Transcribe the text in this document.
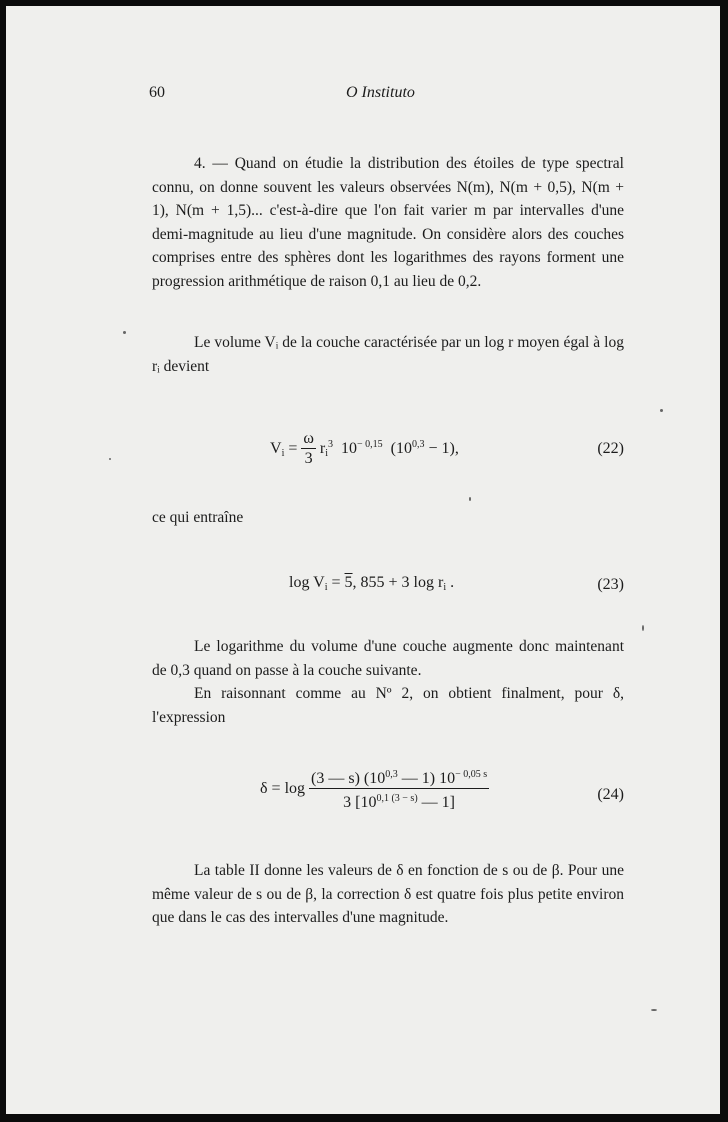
60	O Instituto

4. — Quand on étudie la distribution des étoiles de type spectral connu, on donne souvent les valeurs observées N(m), N(m + 0,5), N(m + 1), N(m + 1,5)... c'est-à-dire que l'on fait varier m par intervalles d'une demi-magnitude au lieu d'une magnitude. On considère alors des couches comprises entre des sphères dont les logarithmes des rayons forment une progression arithmétique de raison 0,1 au lieu de 0,2.

Le volume Vᵢ de la couche caractérisée par un log r moyen égal à log rᵢ devient

$V_i = \frac{\omega}{3} r_i^3$ $10^{- 0,15}$ $(10^{0,3} - 1)$,	(22)

ce qui entraîne

$\log V_i = 5$, 855 + 3 $\log r_i$ .	(23)

Le logarithme du volume d'une couche augmente donc maintenant de 0,3 quand on passe à la couche suivante.

En raisonnant comme au Nº 2, on obtient finalment, pour δ, l'expression

$\delta = \log \frac{(3 — s) (10^{0,3} — 1) 10^{- 0,05 s}}{3 [10^{0,1 (3 - s)} — 1]}$	(24)

La table II donne les valeurs de δ en fonction de s ou de β. Pour une même valeur de s ou de β, la correction δ est quatre fois plus petite environ que dans le cas des intervalles d'une magnitude.
